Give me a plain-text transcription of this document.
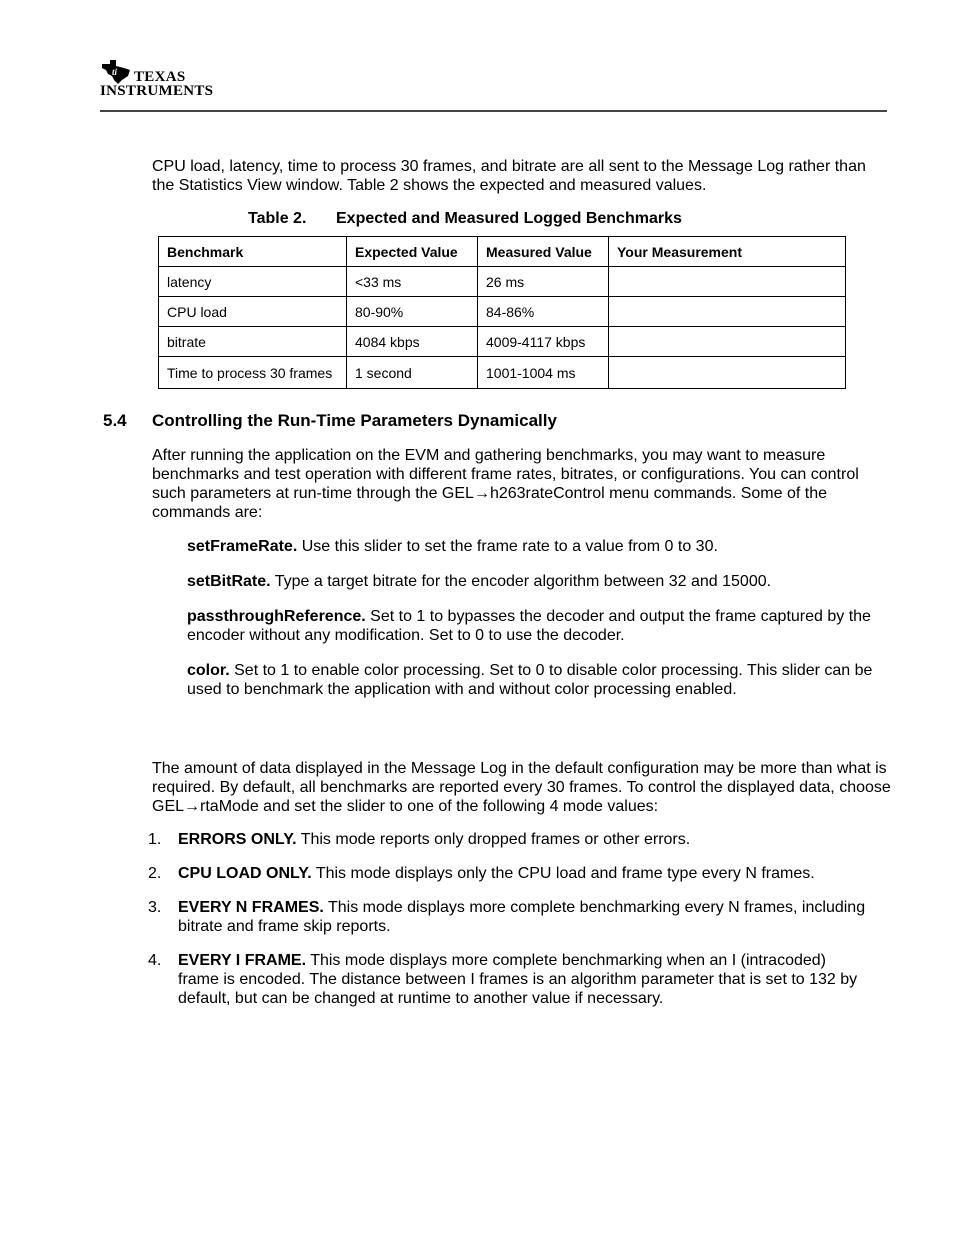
ti TEXAS
INSTRUMENTS
CPU load, latency, time to process 30 frames, and bitrate are all sent to the Message Log rather than the Statistics View window. Table 2 shows the expected and measured values.
Table 2. Expected and Measured Logged Benchmarks
Benchmark	Expected Value	Measured Value	Your Measurement
latency	<33 ms	26 ms	
CPU load	80-90%	84-86%	
bitrate	4084 kbps	4009-4117 kbps	
Time to process 30 frames	1 second	1001-1004 ms	
5.4 Controlling the Run-Time Parameters Dynamically
After running the application on the EVM and gathering benchmarks, you may want to measure benchmarks and test operation with different frame rates, bitrates, or configurations. You can control such parameters at run-time through the GEL→h263rateControl menu commands. Some of the commands are:
setFrameRate. Use this slider to set the frame rate to a value from 0 to 30.
setBitRate. Type a target bitrate for the encoder algorithm between 32 and 15000.
passthroughReference. Set to 1 to bypasses the decoder and output the frame captured by the encoder without any modification. Set to 0 to use the decoder.
color. Set to 1 to enable color processing. Set to 0 to disable color processing. This slider can be used to benchmark the application with and without color processing enabled.
The amount of data displayed in the Message Log in the default configuration may be more than what is required. By default, all benchmarks are reported every 30 frames. To control the displayed data, choose GEL→rtaMode and set the slider to one of the following 4 mode values:
1. ERRORS ONLY. This mode reports only dropped frames or other errors.
2. CPU LOAD ONLY. This mode displays only the CPU load and frame type every N frames.
3. EVERY N FRAMES. This mode displays more complete benchmarking every N frames, including bitrate and frame skip reports.
4. EVERY I FRAME. This mode displays more complete benchmarking when an I (intracoded) frame is encoded. The distance between I frames is an algorithm parameter that is set to 132 by default, but can be changed at runtime to another value if necessary.
